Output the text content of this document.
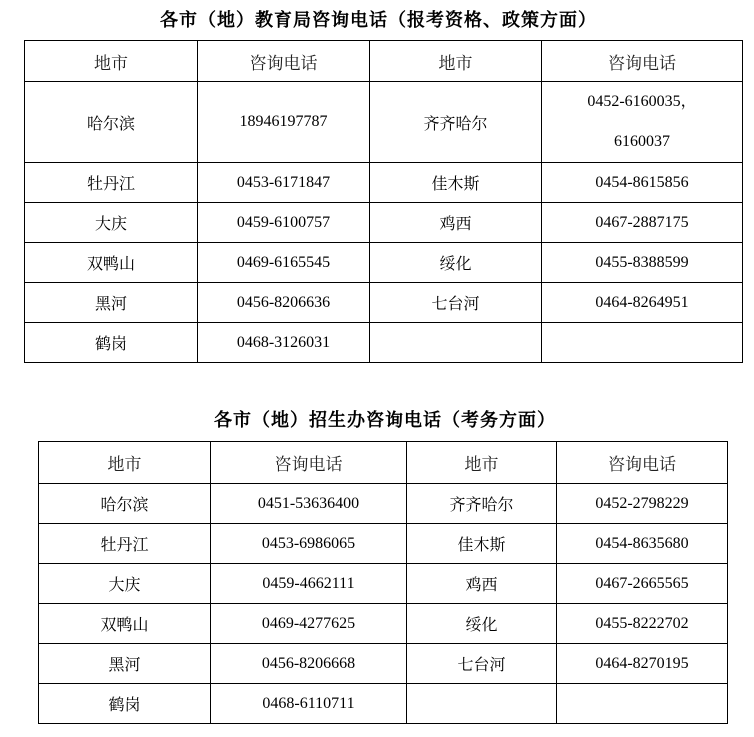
各市（地）教育局咨询电话（报考资格、政策方面）
地市	咨询电话	地市	咨询电话
哈尔滨	18946197787	齐齐哈尔	0452-6160035，
6160037

牡丹江	0453-6171847	佳木斯	0454-8615856
大庆	0459-6100757	鸡西	0467-2887175
双鸭山	0469-6165545	绥化	0455-8388599
黑河	0456-8206636	七台河	0464-8264951
鹤岗	0468-3126031		
各市（地）招生办咨询电话（考务方面）
地市	咨询电话	地市	咨询电话
哈尔滨	0451-53636400	齐齐哈尔	0452-2798229
牡丹江	0453-6986065	佳木斯	0454-8635680
大庆	0459-4662111	鸡西	0467-2665565
双鸭山	0469-4277625	绥化	0455-8222702
黑河	0456-8206668	七台河	0464-8270195
鹤岗	0468-6110711		
